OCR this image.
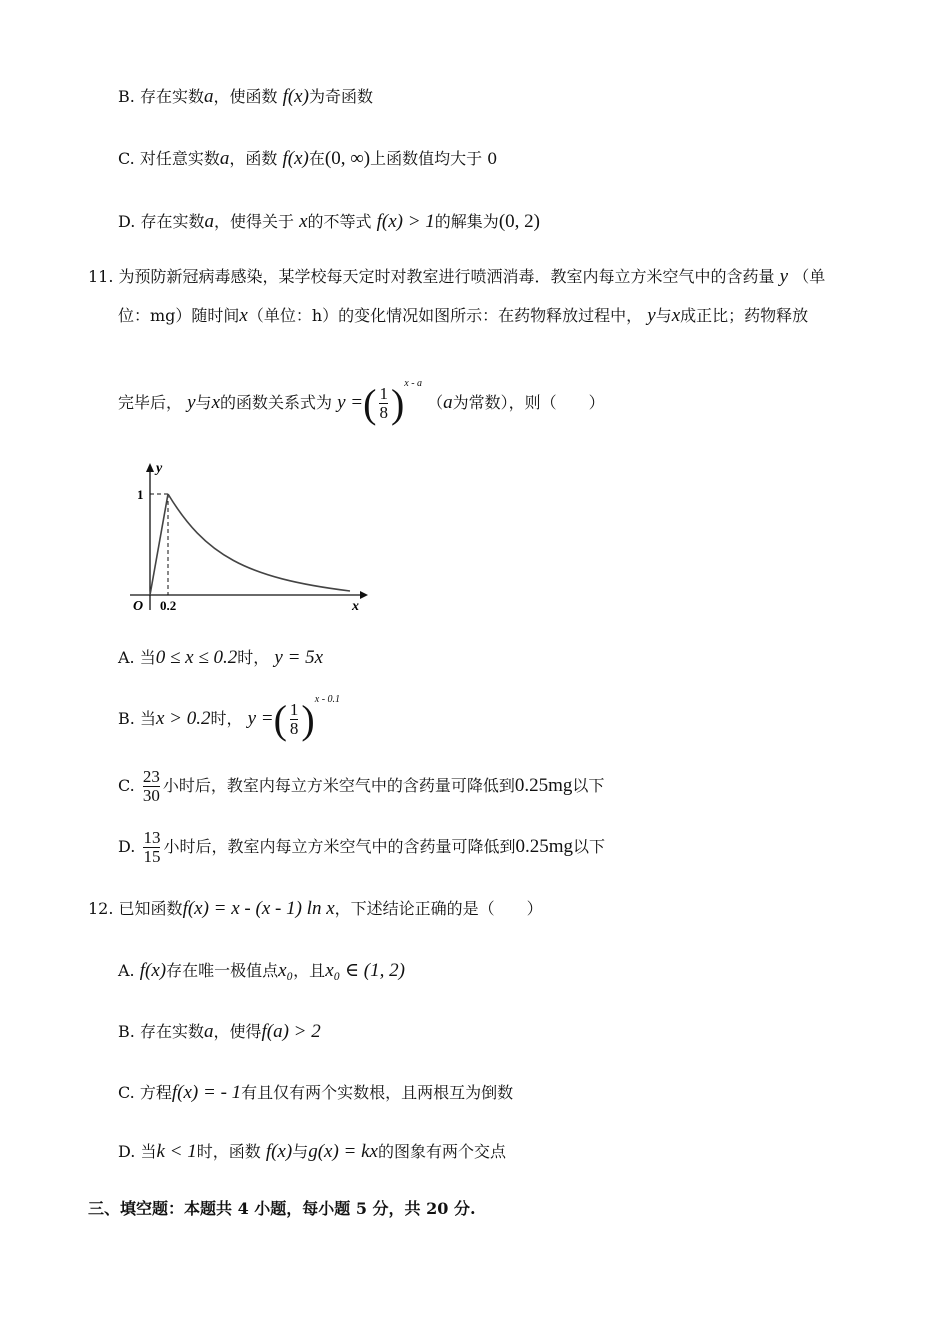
B. 存在实数a，使函数 f(x)为奇函数
C. 对任意实数a，函数 f(x)在(0, ∞)上函数值均大于 0
D. 存在实数a，使得关于 x的不等式 f(x) > 1的解集为(0, 2)
11. 为预防新冠病毒感染，某学校每天定时对教室进行喷洒消毒．教室内每立方米空气中的含药量 y （单
位：mg）随时间x（单位：h）的变化情况如图所示：在药物释放过程中， y与x成正比；药物释放
完毕后， y与x的函数关系式为 y =( $\frac{1}{8} )^{x - a}$ （a为常数），则（　　）
y
x
O
1
0.2
A. 当0 ≤ x ≤ 0.2时， y = 5x
B. 当x > 0.2时， y =( $\frac{1}{8} )^{x - 0.1}$
C. $\frac{23}{30}$ 小时后，教室内每立方米空气中的含药量可降低到0.25mg以下
D. $\frac{13}{15}$ 小时后，教室内每立方米空气中的含药量可降低到0.25mg以下
12. 已知函数f(x) = x - (x - 1) ln x，下述结论正确的是（　　）
A. f(x)存在唯一极值点x₀，且x₀ ∈ (1, 2)
B. 存在实数a，使得f(a) > 2
C. 方程f(x) = - 1有且仅有两个实数根，且两根互为倒数
D. 当k < 1时，函数 f(x)与g(x) = kx的图象有两个交点
三、填空题：本题共 4 小题，每小题 5 分，共 20 分.
